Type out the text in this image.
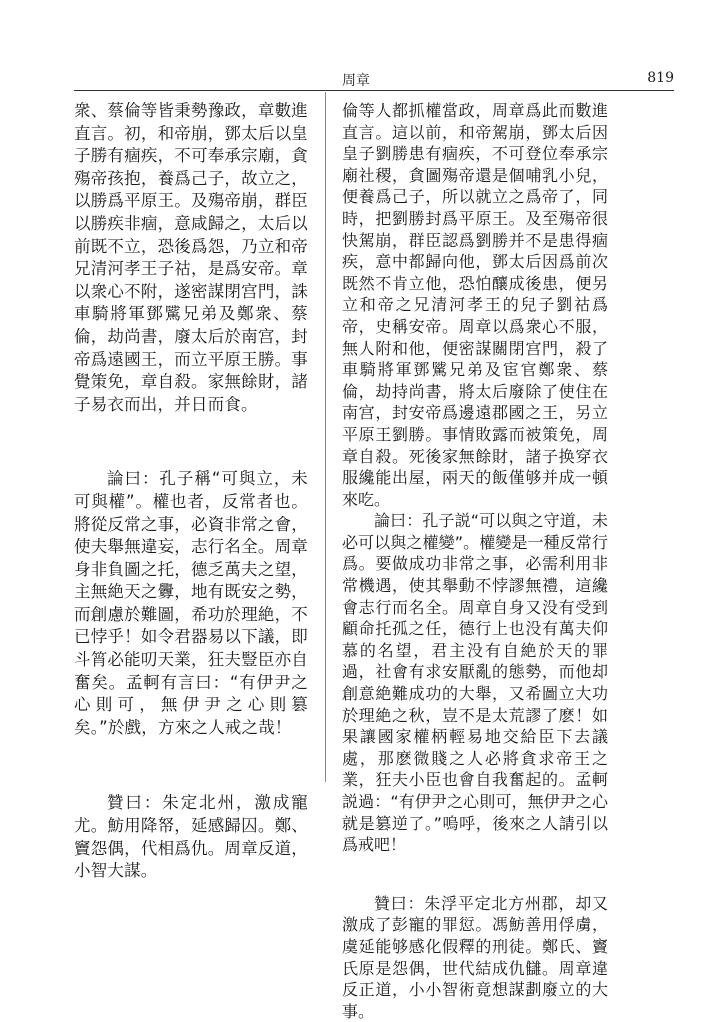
周章	819

衆、蔡倫等皆秉勢豫政，章數進直言。初，和帝崩，鄧太后以皇子勝有痼疾，不可奉承宗廟，貪殤帝孩抱，養爲己子，故立之，以勝爲平原王。及殤帝崩，群臣以勝疾非痼，意咸歸之，太后以前既不立，恐後爲怨，乃立和帝兄清河孝王子祜，是爲安帝。章以衆心不附，遂密謀閉宫門，誅車騎將軍鄧騭兄弟及鄭衆、蔡倫，劫尚書，廢太后於南宫，封帝爲遠國王，而立平原王勝。事覺策免，章自殺。家無餘財，諸子易衣而出，并日而食。

論曰：孔子稱“可與立，未可與權”。權也者，反常者也。將從反常之事，必資非常之會，使夫舉無違妄，志行名全。周章身非負圖之托，德乏萬夫之望，主無絶天之釁，地有既安之勢，而創慮於難圖，希功於理絶，不已悖乎！如令君器易以下議，即斗筲必能叨天業，狂夫豎臣亦自奮矣。孟軻有言曰：“有伊尹之心則可，無伊尹之心則篡矣。”於戲，方來之人戒之哉！

贊曰：朱定北州，激成寵尤。魴用降帑，延感歸囚。鄭、竇怨偶，代相爲仇。周章反道，小智大謀。

倫等人都抓權當政，周章爲此而數進直言。這以前，和帝駕崩，鄧太后因皇子劉勝患有痼疾，不可登位奉承宗廟社稷，貪圖殤帝還是個哺乳小兒，便養爲己子，所以就立之爲帝了，同時，把劉勝封爲平原王。及至殤帝很快駕崩，群臣認爲劉勝并不是患得痼疾，意中都歸向他，鄧太后因爲前次既然不肯立他，恐怕釀成後患，便另立和帝之兄清河孝王的兒子劉祜爲帝，史稱安帝。周章以爲衆心不服，無人附和他，便密謀關閉宫門，殺了車騎將軍鄧騭兄弟及宦官鄭衆、蔡倫，劫持尚書，將太后廢除了使住在南宫，封安帝爲邊遠郡國之王，另立平原王劉勝。事情敗露而被策免，周章自殺。死後家無餘財，諸子换穿衣服纔能出屋，兩天的飯僅够并成一頓來吃。

論曰：孔子説“可以與之守道，未必可以與之權變”。權變是一種反常行爲。要做成功非常之事，必需利用非常機遇，使其舉動不悖謬無禮，這纔會志行而名全。周章自身又没有受到顧命托孤之任，德行上也没有萬夫仰慕的名望，君主没有自絶於天的罪過，社會有求安厭亂的態勢，而他却創意絶難成功的大舉，又希圖立大功於理絶之秋，豈不是太荒謬了麽！如果讓國家權柄輕易地交給臣下去議處，那麽微賤之人必將貪求帝王之業，狂夫小臣也會自我奮起的。孟軻説過：“有伊尹之心則可，無伊尹之心就是篡逆了。”嗚呼，後來之人請引以爲戒吧！

贊曰：朱浮平定北方州郡，却又激成了彭寵的罪愆。馮魴善用俘虜，虞延能够感化假釋的刑徒。鄭氏、竇氏原是怨偶，世代結成仇讎。周章違反正道，小小智術竟想謀劃廢立的大事。
